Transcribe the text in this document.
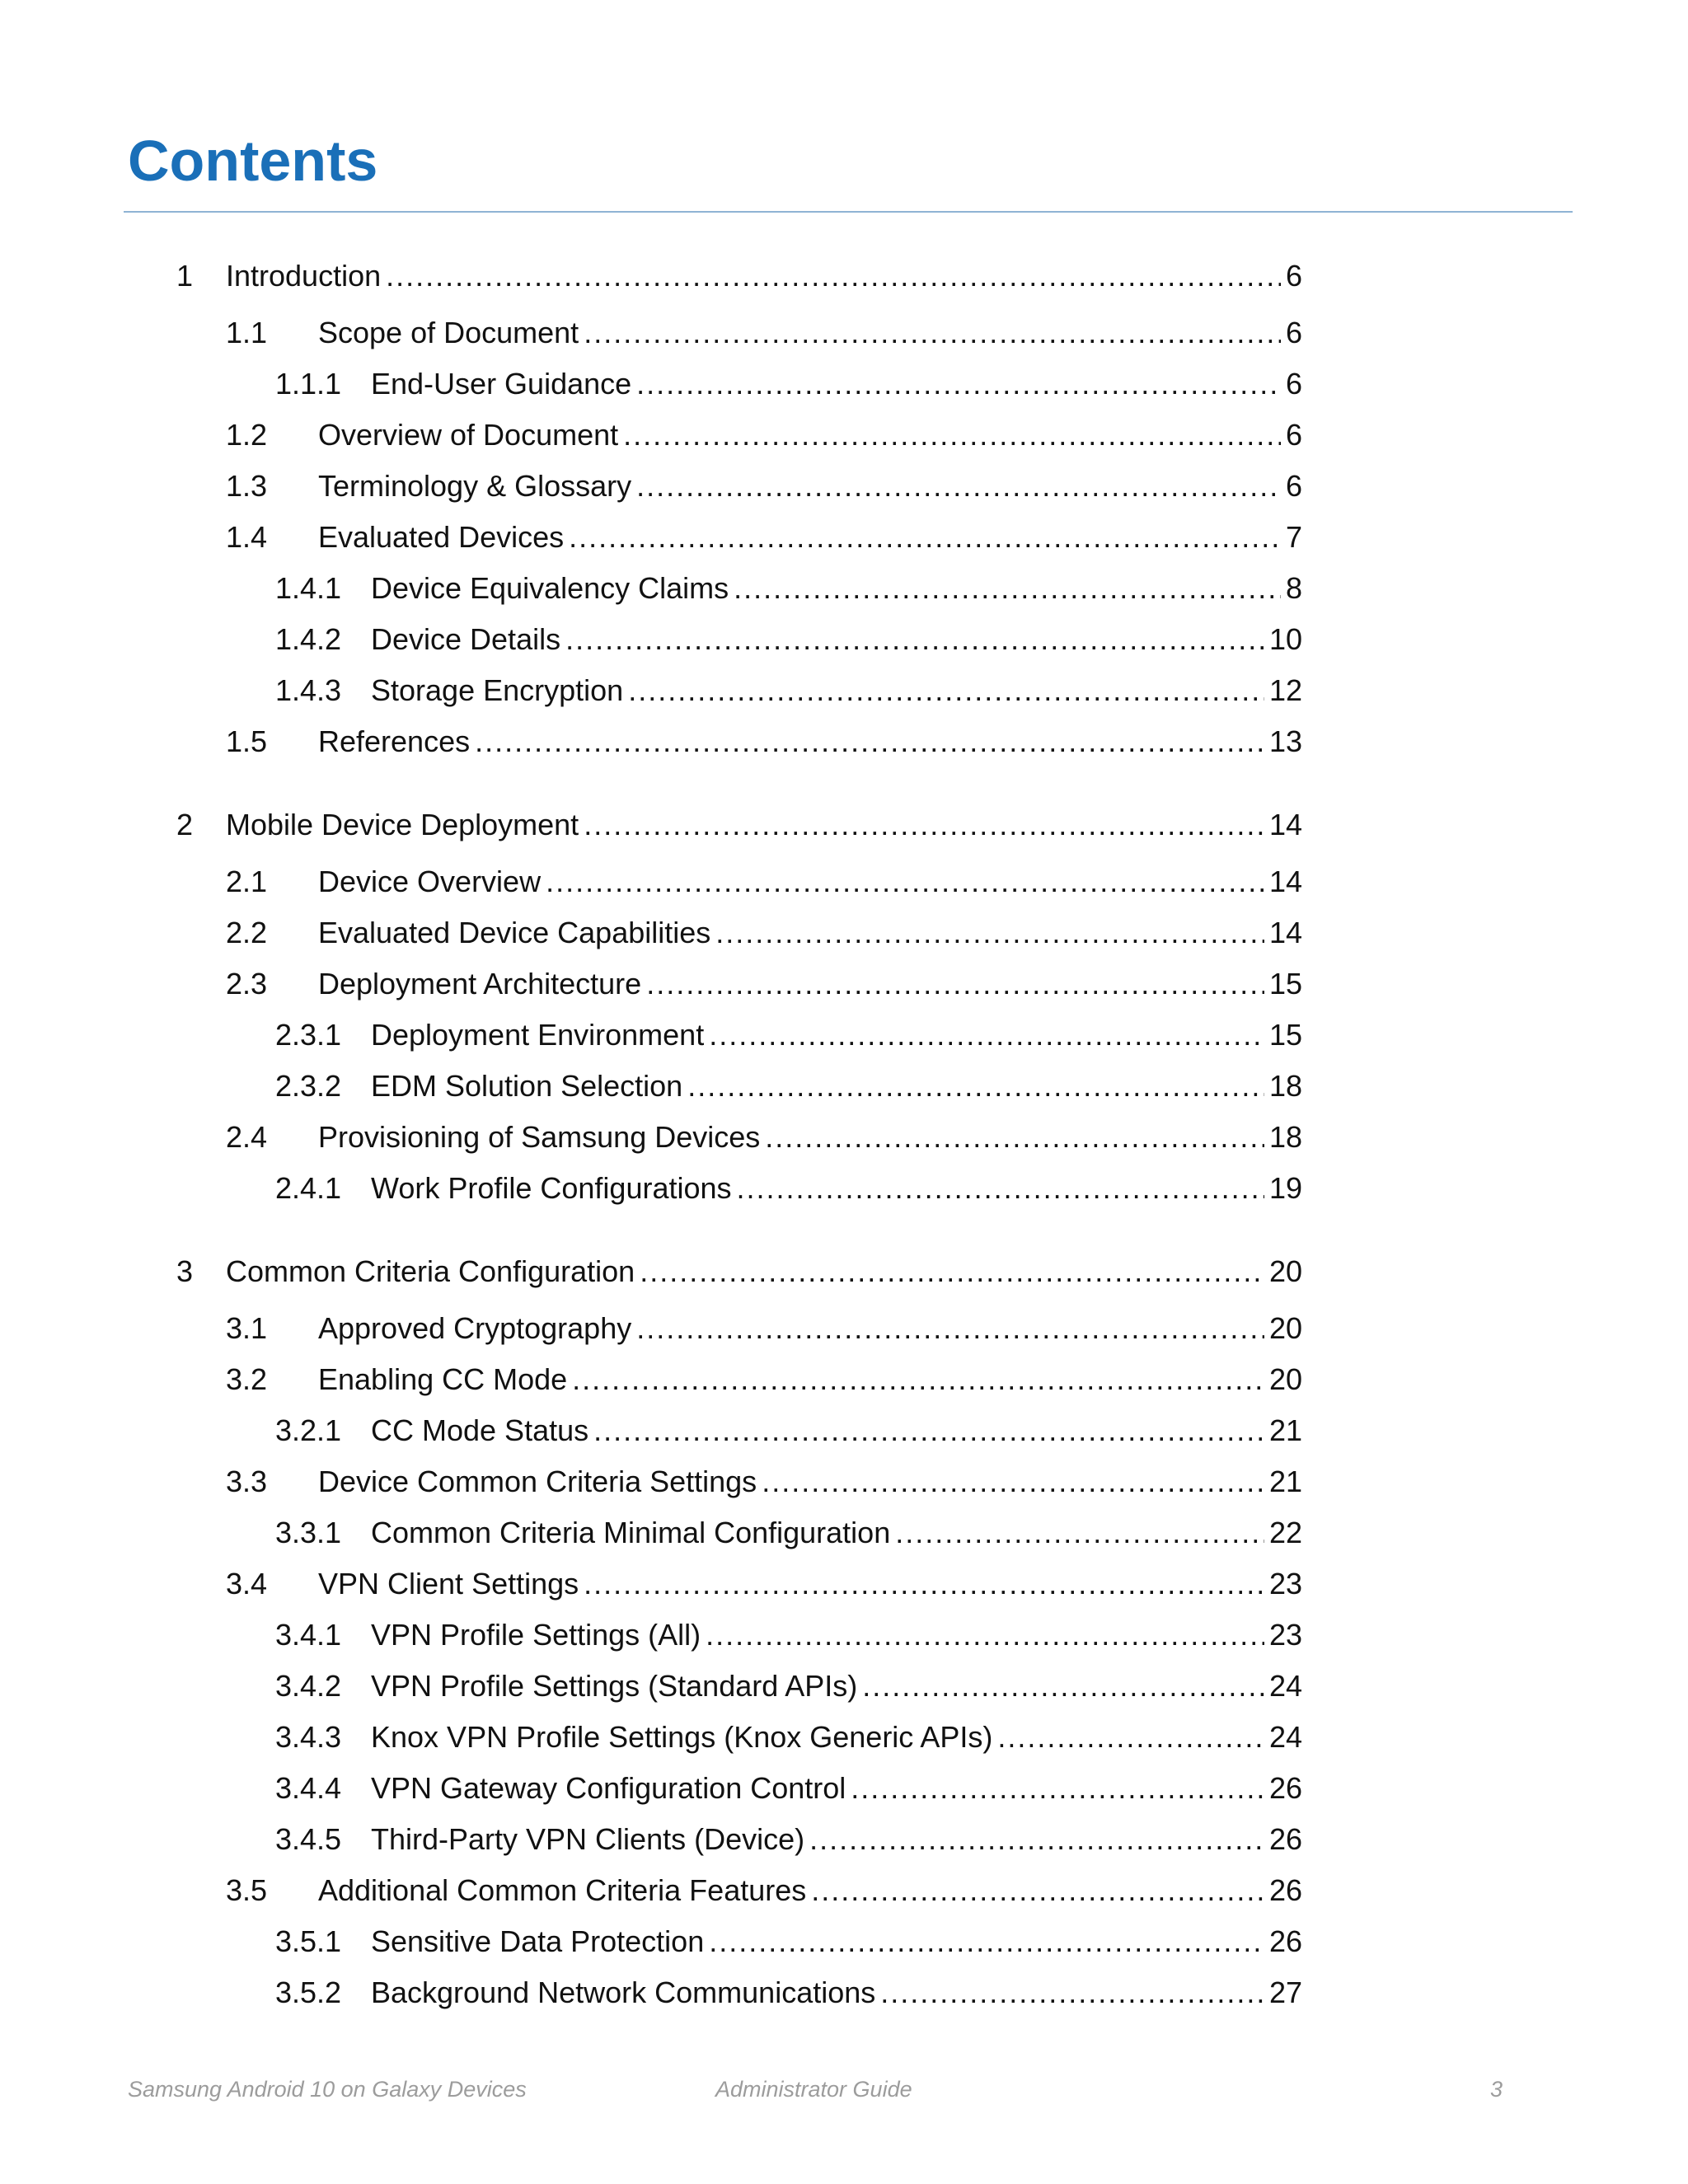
Contents
1	Introduction .....	6
1.1	Scope of Document .....	6
1.1.1 End-User Guidance .....	6
1.2	Overview of Document .....	6
1.3	Terminology & Glossary .....	6
1.4	Evaluated Devices .....	7
1.4.1 Device Equivalency Claims .....	8
1.4.2 Device Details .....	10
1.4.3 Storage Encryption .....	12
1.5	References .....	13
2	Mobile Device Deployment .....	14
2.1	Device Overview .....	14
2.2	Evaluated Device Capabilities .....	14
2.3	Deployment Architecture .....	15
2.3.1 Deployment Environment .....	15
2.3.2 EDM Solution Selection .....	18
2.4	Provisioning of Samsung Devices .....	18
2.4.1 Work Profile Configurations .....	19
3	Common Criteria Configuration .....	20
3.1	Approved Cryptography .....	20
3.2	Enabling CC Mode .....	20
3.2.1 CC Mode Status .....	21
3.3	Device Common Criteria Settings .....	21
3.3.1 Common Criteria Minimal Configuration .....	22
3.4	VPN Client Settings .....	23
3.4.1 VPN Profile Settings (All) .....	23
3.4.2 VPN Profile Settings (Standard APIs) .....	24
3.4.3 Knox VPN Profile Settings (Knox Generic APIs) .....	24
3.4.4 VPN Gateway Configuration Control .....	26
3.4.5 Third-Party VPN Clients (Device) .....	26
3.5	Additional Common Criteria Features .....	26
3.5.1 Sensitive Data Protection .....	26
3.5.2 Background Network Communications .....	27
Samsung Android 10 on Galaxy Devices	Administrator Guide	3
